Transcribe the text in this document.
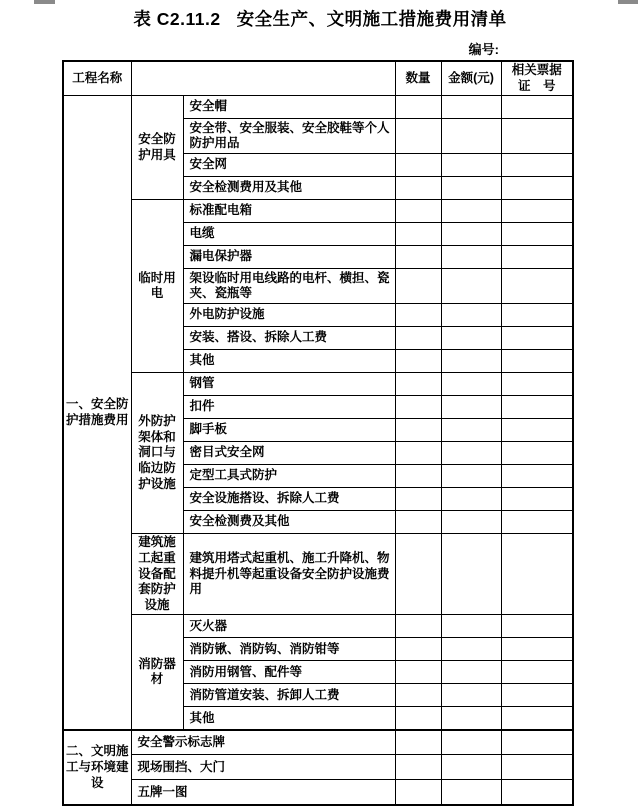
表 C2.11.2   安全生产、文明施工措施费用清单
编号:
工程名称			数量	金额(元)	相关票据
证　号

一、安全防护措施费用	安全防护用具	安全帽			
		安全带、安全服装、安全胶鞋等个人防护用品			
		安全网			
		安全检测费用及其他			
	临时用电	标准配电箱			
		电缆			
		漏电保护器			
		架设临时用电线路的电杆、横担、瓷夹、瓷瓶等			
		外电防护设施			
		安装、搭设、拆除人工费			
		其他			
	外防护架体和洞口与临边防护设施	钢管			
		扣件			
		脚手板			
		密目式安全网			
		定型工具式防护			
		安全设施搭设、拆除人工费			
		安全检测费及其他			
	建筑施工起重设备配套防护设施	建筑用塔式起重机、施工升降机、物料提升机等起重设备安全防护设施费用			
	消防器材	灭火器			
		消防锹、消防钩、消防钳等			
		消防用钢管、配件等			
		消防管道安装、拆卸人工费			
		其他			
二、文明施工与环境建设	安全警示标志牌				
	现场围挡、大门				
	五牌一图				
